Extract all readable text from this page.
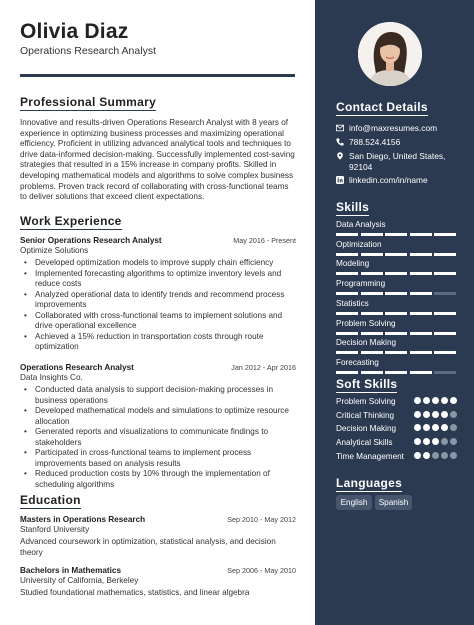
Olivia Diaz
Operations Research Analyst
Professional Summary
Innovative and results-driven Operations Research Analyst with 8 years of experience in optimizing business processes and maximizing operational efficiency. Proficient in utilizing advanced analytical tools and techniques to drive data-informed decision-making. Successfully implemented cost-saving strategies that resulted in a 15% increase in company profits. Skilled in developing mathematical models and algorithms to solve complex business problems. Proven track record of collaborating with cross-functional teams to deliver solutions that exceed client expectations.
Work Experience
Senior Operations Research Analyst	May 2016 - Present
Optimize Solutions
• Developed optimization models to improve supply chain efficiency
• Implemented forecasting algorithms to optimize inventory levels and reduce costs
• Analyzed operational data to identify trends and recommend process improvements
• Collaborated with cross-functional teams to implement solutions and drive operational excellence
• Achieved a 15% reduction in transportation costs through route optimization
Operations Research Analyst	Jan 2012 - Apr 2016
Data Insights Co.
• Conducted data analysis to support decision-making processes in business operations
• Developed mathematical models and simulations to optimize resource allocation
• Generated reports and visualizations to communicate findings to stakeholders
• Participated in cross-functional teams to implement process improvements based on analysis results
• Reduced production costs by 10% through the implementation of scheduling algorithms
Education
Masters in Operations Research	Sep 2010 - May 2012
Stanford University
Advanced coursework in optimization, statistical analysis, and decision theory
Bachelors in Mathematics	Sep 2006 - May 2010
University of California, Berkeley
Studied foundational mathematics, statistics, and linear algebra
Contact Details
info@maxresumes.com
788.524.4156
San Diego, United States, 92104
linkedin.com/in/name
Skills
Data Analysis
Optimization
Modeling
Programming
Statistics
Problem Solving
Decision Making
Forecasting
Soft Skills
Problem Solving
Critical Thinking
Decision Making
Analytical Skills
Time Management
Languages
English	Spanish
